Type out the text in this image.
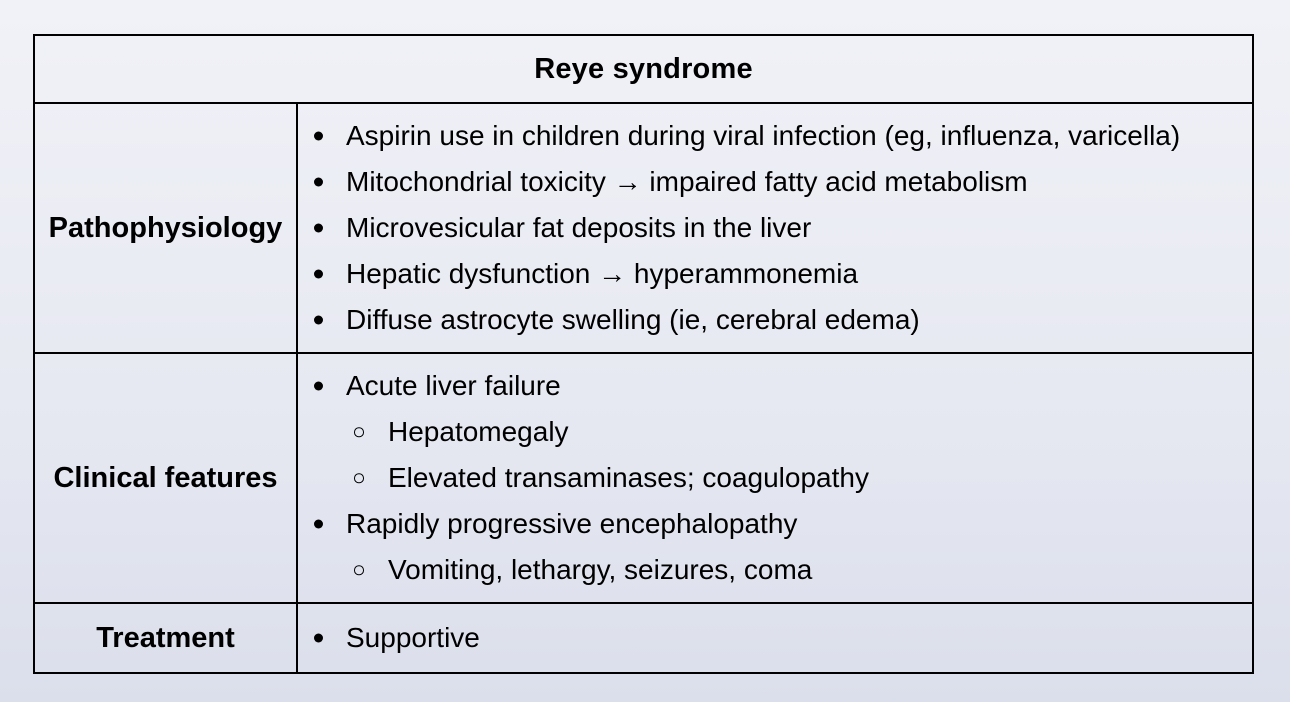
Reye syndrome
Pathophysiology
Aspirin use in children during viral infection (eg, influenza, varicella)
Mitochondrial toxicity → impaired fatty acid metabolism
Microvesicular fat deposits in the liver
Hepatic dysfunction → hyperammonemia
Diffuse astrocyte swelling (ie, cerebral edema)
Clinical features
Acute liver failure
Hepatomegaly
Elevated transaminases; coagulopathy
Rapidly progressive encephalopathy
Vomiting, lethargy, seizures, coma
Treatment	Supportive
